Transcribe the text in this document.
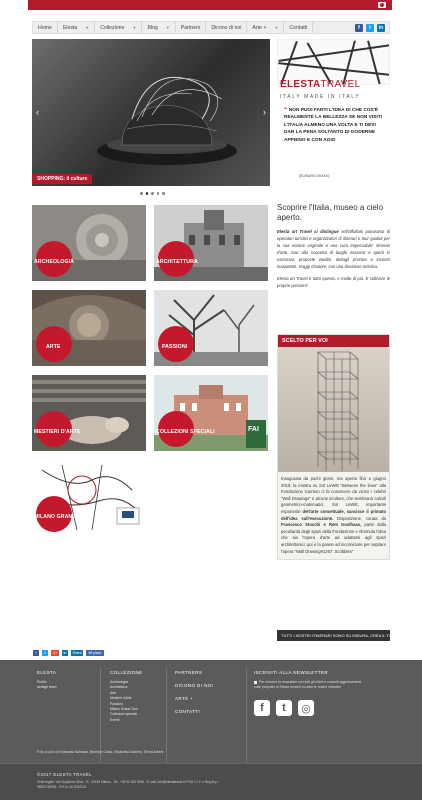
Home Elesta ▼ Collezione ▼ Blog ▼ Partners Dicono di noi Arte + ▼ Contatti	f	t	in
‹	›
SHOPPING: il culture
ELESTATRAVEL
ITALY MADE IN ITALY
❝ NON PUOI FARTI L'IDEA DI CHE COS'È REALMENTE LA BELLEZZA SE NON VISITI L'ITALIA ALMENO UNA VOLTA E TI DEVI DAR LA PENA SOLTANTO DI GODERNE APPIENO E CON AGIO
[EDWARD DRAKE]
ARCHEOLOGIA	ARCHITETTURA
ARTE	PASSIONI
MESTIERI D'ARTE	FAI
COLLEZIONI SPECIALI
MILANO GRAND TOUR
Scoprire l'Italia, museo a cielo aperto.

Elesta art Travel si distingue nell'affollato panorama di operatori turistici e organizzatori di itinerari e tour guidati per la sua visione originale e una cura impeccabile: itinerari d'arte, tour alla scoperta di luoghi nascosti e aperti in esclusiva, proposte inedite, dettagli preziosi e incontri inaspettati. Viaggi d'autore, con una direzione artistica.

Elesta art Travel è tutto questo, e molto di più. E coltivare le proprie passioni!

SCELTO PER VOI
Inaugurata da pochi giorni, ma aperta fino a giugno 2018, la mostra su Sol LeWitt "Between the lines" alla Fondazione Carriero ci fa conoscere da vicino i celebri "Wall Drawings" e alcune sculture, che sembrano calcoli geometrico-matematici. Sol LeWitt, importante esponente dell'arte concettuale, sancisce il primato dell'idea sull'esecuzione. Disposizione, curata da Francesco Stocchi e Rem Koolhaas, parte dalla peculiarità degli spazi della Fondazione e rilormula l'idea che sia l'opera d'arte ad adattarsi agli spazi architettonici: qui è la parete ad incorniciare per ospitare l'opera "Wall Drawing#1267: Scribbles"
TUTTI I NOSTRI ITINERARI SONO SU MISURA, CREA IL TUO! ›
f	t	G+	in	Share	Mi piace
ELESTA
Profilo
dettagli team
COLLEZIONE
Archeologia
Architettura
Arte
Mestieri d'Arte
Passioni
Milano Grand Tour
Collezioni speciali
Eventi
PARTNERS
DICONO DI NOI
ARTE +
CONTATTI
ISCRIVITI ALLA NEWSLETTER
Per ricevere la newsletter con tutti gli ultimi e costanti aggiornamenti sulle proposte di Elesta nonché su tutte le nostre iniziative
f	t	◎
Foto a cura di Emanuela Salmaso, Beatrice Costa, Elisabetta Gamero, Elena Arbeni
©2017 ELESTA TRAVEL
Sede legale: Via Guglielmo Silva, 74 - 20149 Milano - Tel.: +39 02 433 0066 - E-mail: info@elestatravel.it P.IVA / C.F. e Reg.Imp.: 08551740961 - R.E.A. MI 2033122
